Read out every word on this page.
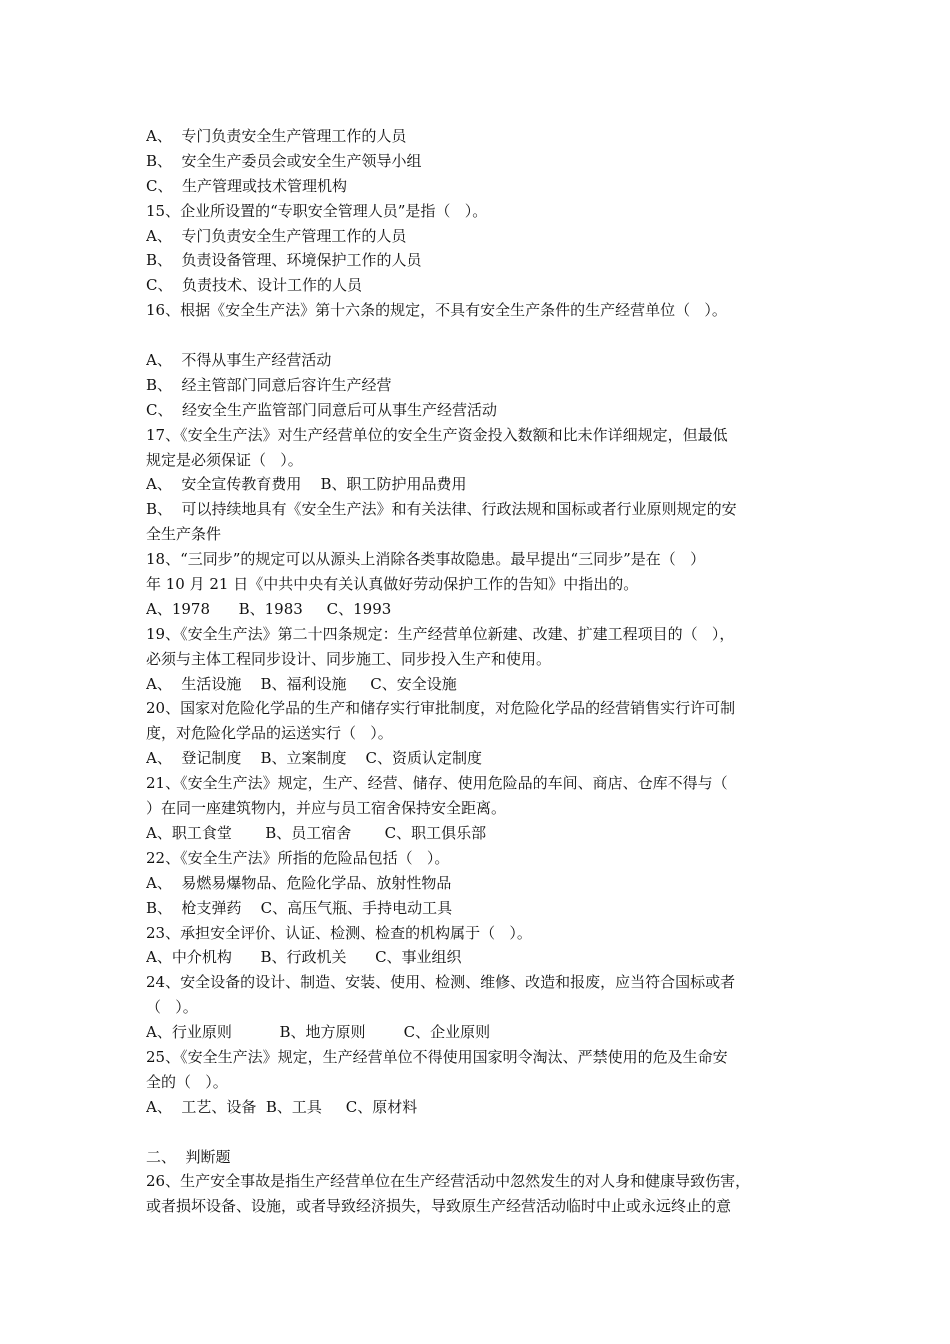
A、  专门负责安全生产管理工作的人员
B、  安全生产委员会或安全生产领导小组
C、  生产管理或技术管理机构
15、企业所设置的“专职安全管理人员”是指（   ）。
A、  专门负责安全生产管理工作的人员
B、  负责设备管理、环境保护工作的人员
C、  负责技术、设计工作的人员
16、根据《安全生产法》第十六条的规定，不具有安全生产条件的生产经营单位（   ）。
A、  不得从事生产经营活动
B、  经主管部门同意后容许生产经营
C、  经安全生产监管部门同意后可从事生产经营活动
17、《安全生产法》对生产经营单位的安全生产资金投入数额和比未作详细规定，但最低
规定是必须保证（   ）。
A、  安全宣传教育费用    B、职工防护用品费用
B、  可以持续地具有《安全生产法》和有关法律、行政法规和国标或者行业原则规定的安
全生产条件
18、“三同步”的规定可以从源头上消除各类事故隐患。最早提出“三同步”是在（   ）
年 10 月 21 日《中共中央有关认真做好劳动保护工作的告知》中指出的。
A、1978      B、1983     C、1993
19、《安全生产法》第二十四条规定：生产经营单位新建、改建、扩建工程项目的（   ），
必须与主体工程同步设计、同步施工、同步投入生产和使用。
A、  生活设施    B、福利设施     C、安全设施
20、国家对危险化学品的生产和储存实行审批制度，对危险化学品的经营销售实行许可制
度，对危险化学品的运送实行（   ）。
A、  登记制度    B、立案制度    C、资质认定制度
21、《安全生产法》规定，生产、经营、储存、使用危险品的车间、商店、仓库不得与（
）在同一座建筑物内，并应与员工宿舍保持安全距离。
A、职工食堂       B、员工宿舍       C、职工俱乐部
22、《安全生产法》所指的危险品包括（   ）。
A、  易燃易爆物品、危险化学品、放射性物品
B、  枪支弹药    C、高压气瓶、手持电动工具
23、承担安全评价、认证、检测、检查的机构属于（   ）。
A、中介机构      B、行政机关      C、事业组织
24、安全设备的设计、制造、安装、使用、检测、维修、改造和报废，应当符合国标或者
（   ）。
A、行业原则          B、地方原则        C、企业原则
25、《安全生产法》规定，生产经营单位不得使用国家明令淘汰、严禁使用的危及生命安
全的（   ）。
A、  工艺、设备  B、工具     C、原材料
二、  判断题
26、生产安全事故是指生产经营单位在生产经营活动中忽然发生的对人身和健康导致伤害，
或者损坏设备、设施，或者导致经济损失，导致原生产经营活动临时中止或永远终止的意
